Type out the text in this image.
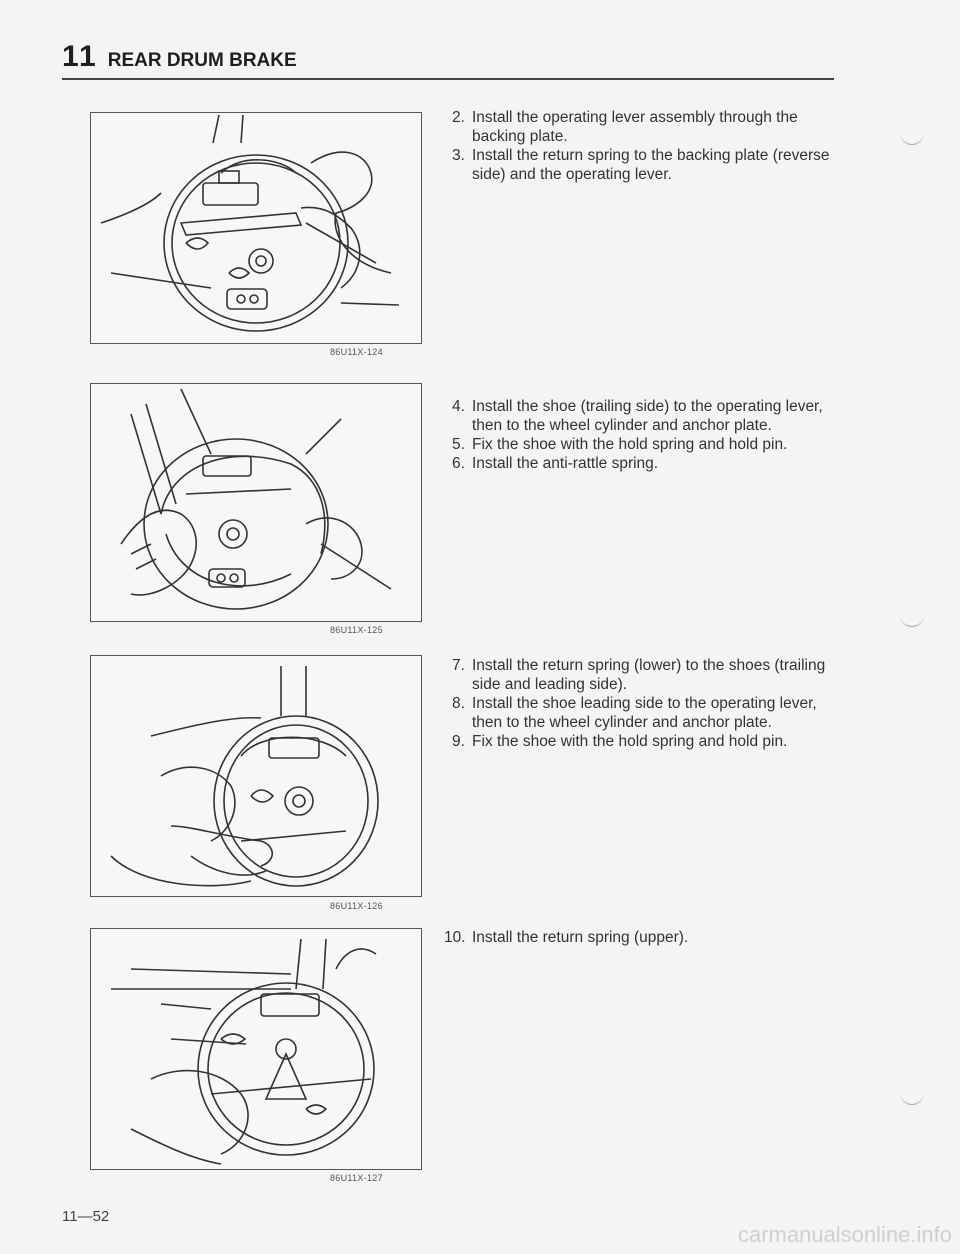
11 REAR DRUM BRAKE
86U11X-124
86U11X-125
86U11X-126
86U11X-127
2. Install the operating lever assembly through the backing plate.
3. Install the return spring to the backing plate (reverse side) and the operating lever.
4. Install the shoe (trailing side) to the operating lever, then to the wheel cylinder and anchor plate.
5. Fix the shoe with the hold spring and hold pin.
6. Install the anti-rattle spring.
7. Install the return spring (lower) to the shoes (trailing side and leading side).
8. Install the shoe leading side to the operating lever, then to the wheel cylinder and anchor plate.
9. Fix the shoe with the hold spring and hold pin.
10. Install the return spring (upper).
11—52
carmanualsonline.info
